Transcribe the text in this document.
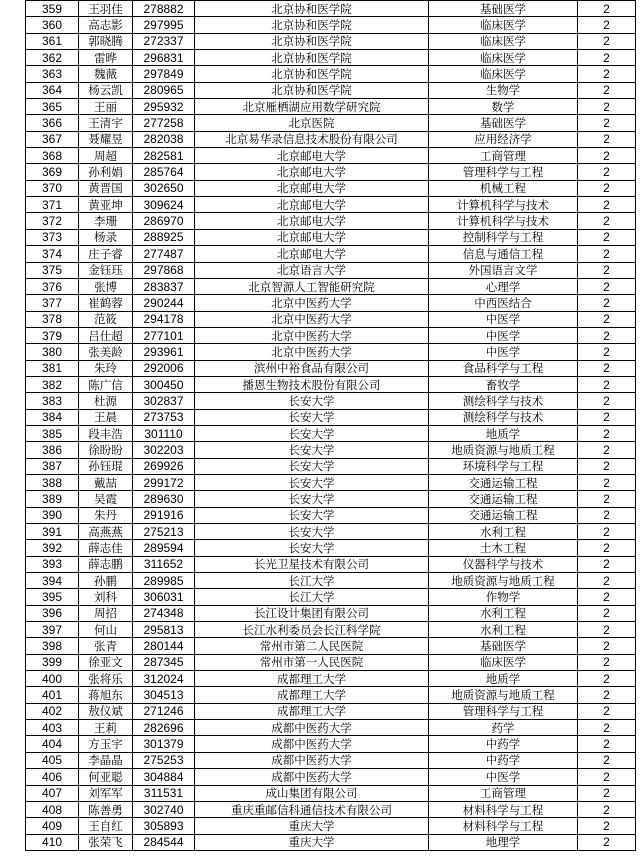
359	王羽佳	278882	北京协和医学院	基础医学	2
360	高志影	297995	北京协和医学院	临床医学	2
361	郭晓腾	272337	北京协和医学院	临床医学	2
362	雷晔	296831	北京协和医学院	临床医学	2
363	魏薇	297849	北京协和医学院	临床医学	2
364	杨云凯	280965	北京协和医学院	生物学	2
365	王丽	295932	北京雁栖湖应用数学研究院	数学	2
366	王清宇	277258	北京医院	基础医学	2
367	聂耀昱	282038	北京易华录信息技术股份有限公司	应用经济学	2
368	周超	282581	北京邮电大学	工商管理	2
369	孙利娟	285764	北京邮电大学	管理科学与工程	2
370	黄晋国	302650	北京邮电大学	机械工程	2
371	黄亚坤	309624	北京邮电大学	计算机科学与技术	2
372	李珊	286970	北京邮电大学	计算机科学与技术	2
373	杨录	288925	北京邮电大学	控制科学与工程	2
374	庄子睿	277487	北京邮电大学	信息与通信工程	2
375	金钰珏	297868	北京语言大学	外国语言文学	2
376	张博	283837	北京智源人工智能研究院	心理学	2
377	崔鹤蓉	290244	北京中医药大学	中西医结合	2
378	范筱	294178	北京中医药大学	中医学	2
379	吕仕超	277101	北京中医药大学	中医学	2
380	张美龄	293961	北京中医药大学	中医学	2
381	朱玲	292006	滨州中裕食品有限公司	食品科学与工程	2
382	陈广信	300450	播恩生物技术股份有限公司	畜牧学	2
383	杜源	302837	长安大学	测绘科学与技术	2
384	王晨	273753	长安大学	测绘科学与技术	2
385	段丰浩	301110	长安大学	地质学	2
386	徐盼盼	302203	长安大学	地质资源与地质工程	2
387	孙钰琨	269926	长安大学	环境科学与工程	2
388	戴喆	299172	长安大学	交通运输工程	2
389	吴霞	289630	长安大学	交通运输工程	2
390	朱丹	291916	长安大学	交通运输工程	2
391	高燕燕	275213	长安大学	水利工程	2
392	薛志佳	289594	长安大学	土木工程	2
393	薛志鹏	311652	长光卫星技术有限公司	仪器科学与技术	2
394	孙鹏	289985	长江大学	地质资源与地质工程	2
395	刘科	306031	长江大学	作物学	2
396	周招	274348	长江设计集团有限公司	水利工程	2
397	何山	295813	长江水利委员会长江科学院	水利工程	2
398	张青	280144	常州市第二人民医院	基础医学	2
399	徐亚文	287345	常州市第一人民医院	临床医学	2
400	张将乐	312024	成都理工大学	地质学	2
401	蒋旭东	304513	成都理工大学	地质资源与地质工程	2
402	敖仪斌	271246	成都理工大学	管理科学与工程	2
403	王莉	282696	成都中医药大学	药学	2
404	方玉宇	301379	成都中医药大学	中药学	2
405	李晶晶	275253	成都中医药大学	中药学	2
406	何亚聪	304884	成都中医药大学	中医学	2
407	刘军军	311531	成山集团有限公司	工商管理	2
408	陈善勇	302740	重庆重邮信科通信技术有限公司	材料科学与工程	2
409	王自红	305893	重庆大学	材料科学与工程	2
410	张荣飞	284544	重庆大学	地理学	2
